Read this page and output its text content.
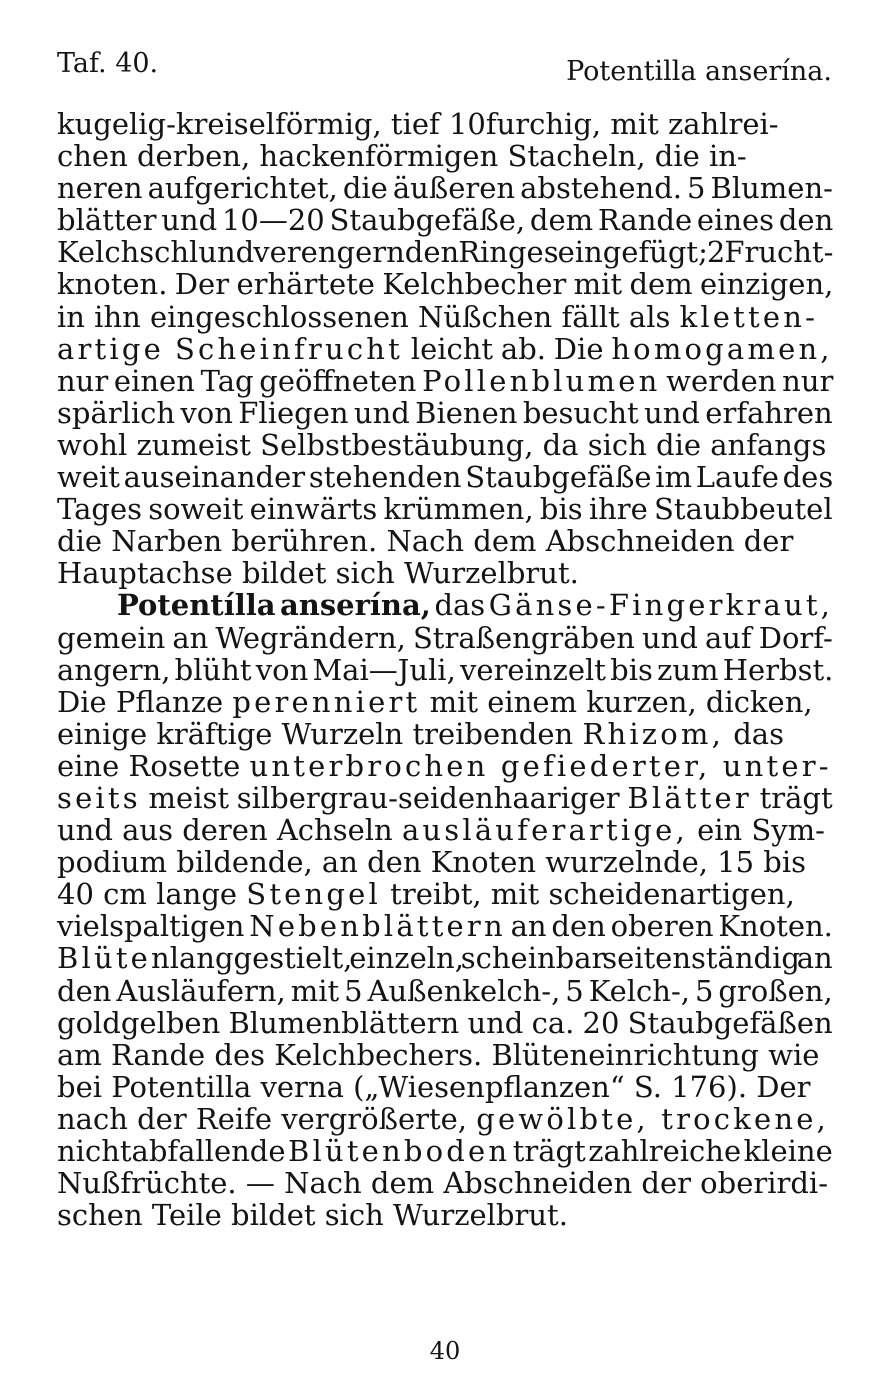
Taf. 40.	Potentilla anserína.
kugelig-kreiselförmig, tief 10furchig, mit zahlrei-
chen derben, hackenförmigen Stacheln, die in-
neren aufgerichtet, die äußeren abstehend. 5 Blumen-
blätter und 10—20 Staubgefäße, dem Rande eines den
Kelchschlund verengernden Ringes eingefügt; 2 Frucht-
knoten. Der erhärtete Kelchbecher mit dem einzigen,
in ihn eingeschlossenen Nüßchen fällt als kletten-
artige Scheinfrucht leicht ab. Die homogamen,
nur einen Tag geöffneten Pollenblumen werden nur
spärlich von Fliegen und Bienen besucht und erfahren
wohl zumeist Selbstbestäubung, da sich die anfangs
weit auseinander stehenden Staubgefäße im Laufe des
Tages soweit einwärts krümmen, bis ihre Staubbeutel
die Narben berühren. Nach dem Abschneiden der
Hauptachse bildet sich Wurzelbrut.
Potentílla anserína, das Gänse-Fingerkraut,
gemein an Wegrändern, Straßengräben und auf Dorf-
angern, blüht von Mai—Juli, vereinzelt bis zum Herbst.
Die Pflanze perenniert mit einem kurzen, dicken,
einige kräftige Wurzeln treibenden Rhizom, das
eine Rosette unterbrochen gefiederter, unter-
seits meist silbergrau-seidenhaariger Blätter trägt
und aus deren Achseln ausläuferartige, ein Sym-
podium bildende, an den Knoten wurzelnde, 15 bis
40 cm lange Stengel treibt, mit scheidenartigen,
vielspaltigen Nebenblättern an den oberen Knoten.
Blüten langgestielt, einzeln, scheinbar seitenständig an
den Ausläufern, mit 5 Außenkelch-, 5 Kelch-, 5 großen,
goldgelben Blumenblättern und ca. 20 Staubgefäßen
am Rande des Kelchbechers. Blüteneinrichtung wie
bei Potentilla verna („Wiesenpflanzen“ S. 176). Der
nach der Reife vergrößerte, gewölbte, trockene,
nichtabfallende Blütenboden trägt zahlreiche kleine
Nußfrüchte. — Nach dem Abschneiden der oberirdi-
schen Teile bildet sich Wurzelbrut.
40
